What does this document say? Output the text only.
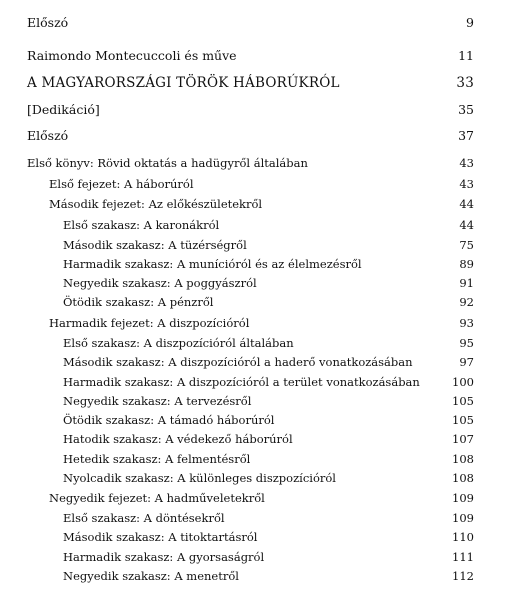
Előszó	9
Raimondo Montecuccoli és műve	11
A MAGYARORSZÁGI TÖRÖK HÁBORÚKRÓL	33
[Dedikáció]	35
Előszó	37
Első könyv: Rövid oktatás a hadügyről általában	43
Első fejezet: A háborúról	43
Második fejezet: Az előkészületekről	44
Első szakasz: A karonákról	44
Második szakasz: A tüzérségről	75
Harmadik szakasz: A munícióról és az élelmezésről	89
Negyedik szakasz: A poggyászról	91
Ötödik szakasz: A pénzről	92
Harmadik fejezet: A diszpozícióról	93
Első szakasz: A diszpozícióról általában	95
Második szakasz: A diszpozícióról a haderő vonatkozásában	97
Harmadik szakasz: A diszpozícióról a terület vonatkozásában	100
Negyedik szakasz: A tervezésről	105
Ötödik szakasz: A támadó háborúról	105
Hatodik szakasz: A védekező háborúról	107
Hetedik szakasz: A felmentésről	108
Nyolcadik szakasz: A különleges diszpozícióról	108
Negyedik fejezet: A hadműveletekről	109
Első szakasz: A döntésekről	109
Második szakasz: A titoktartásról	110
Harmadik szakasz: A gyorsaságról	111
Negyedik szakasz: A menetről	112
